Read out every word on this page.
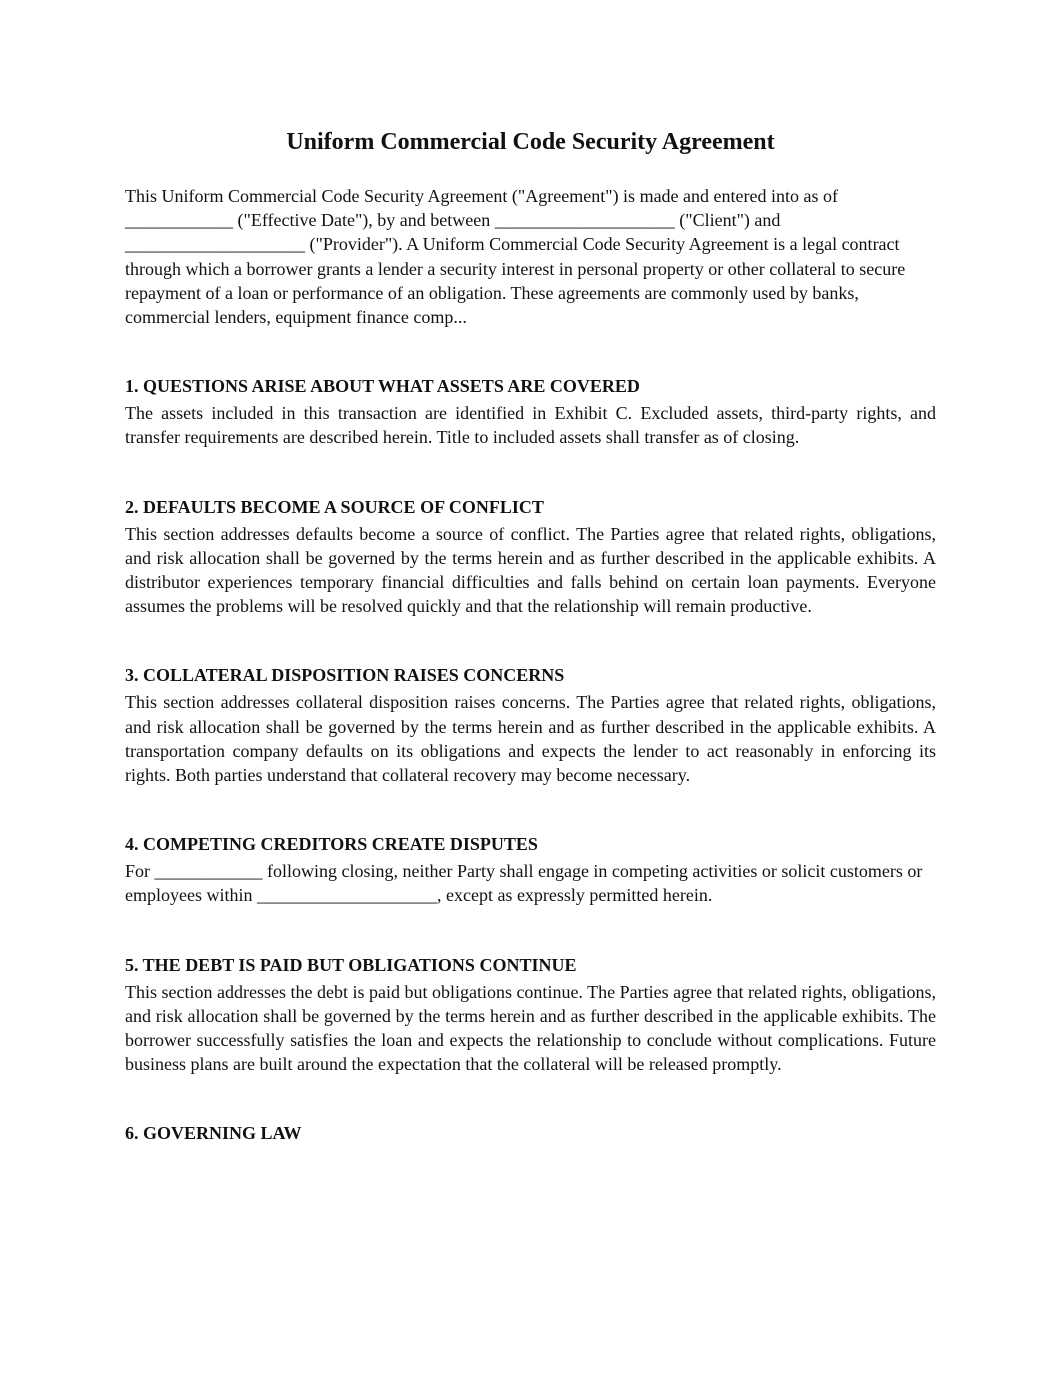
Uniform Commercial Code Security Agreement

This Uniform Commercial Code Security Agreement ("Agreement") is made and entered into as of ____________ ("Effective Date"), by and between ____________________ ("Client") and ____________________ ("Provider"). A Uniform Commercial Code Security Agreement is a legal contract through which a borrower grants a lender a security interest in personal property or other collateral to secure repayment of a loan or performance of an obligation. These agreements are commonly used by banks, commercial lenders, equipment finance comp...

1. QUESTIONS ARISE ABOUT WHAT ASSETS ARE COVERED

The assets included in this transaction are identified in Exhibit C. Excluded assets, third-party rights, and transfer requirements are described herein. Title to included assets shall transfer as of closing.

2. DEFAULTS BECOME A SOURCE OF CONFLICT

This section addresses defaults become a source of conflict. The Parties agree that related rights, obligations, and risk allocation shall be governed by the terms herein and as further described in the applicable exhibits. A distributor experiences temporary financial difficulties and falls behind on certain loan payments. Everyone assumes the problems will be resolved quickly and that the relationship will remain productive.

3. COLLATERAL DISPOSITION RAISES CONCERNS

This section addresses collateral disposition raises concerns. The Parties agree that related rights, obligations, and risk allocation shall be governed by the terms herein and as further described in the applicable exhibits. A transportation company defaults on its obligations and expects the lender to act reasonably in enforcing its rights. Both parties understand that collateral recovery may become necessary.

4. COMPETING CREDITORS CREATE DISPUTES

For ____________ following closing, neither Party shall engage in competing activities or solicit customers or employees within ____________________, except as expressly permitted herein.

5. THE DEBT IS PAID BUT OBLIGATIONS CONTINUE

This section addresses the debt is paid but obligations continue. The Parties agree that related rights, obligations, and risk allocation shall be governed by the terms herein and as further described in the applicable exhibits. The borrower successfully satisfies the loan and expects the relationship to conclude without complications. Future business plans are built around the expectation that the collateral will be released promptly.

6. GOVERNING LAW
